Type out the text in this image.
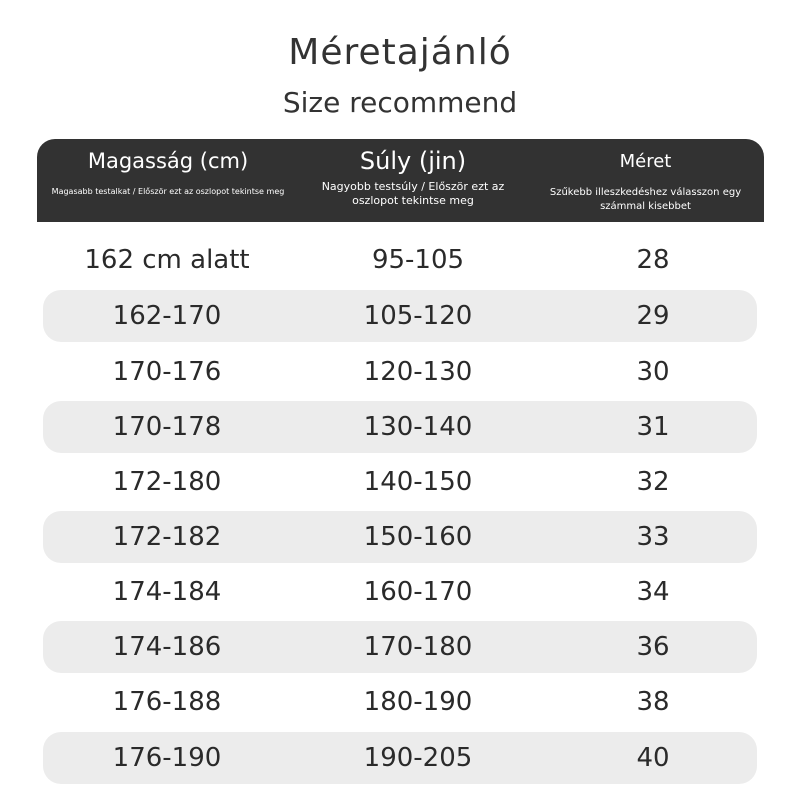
Méretajánló
Size recommend
Magasság (cm)
Magasabb testalkat / Először ezt az oszlopot tekintse meg
Súly (jin)
Nagyobb testsúly / Először ezt az oszlopot tekintse meg
Méret
Szűkebb illeszkedéshez válasszon egy számmal kisebbet
162 cm alatt	95-105	28
162-170	105-120	29
170-176	120-130	30
170-178	130-140	31
172-180	140-150	32
172-182	150-160	33
174-184	160-170	34
174-186	170-180	36
176-188	180-190	38
176-190	190-205	40
